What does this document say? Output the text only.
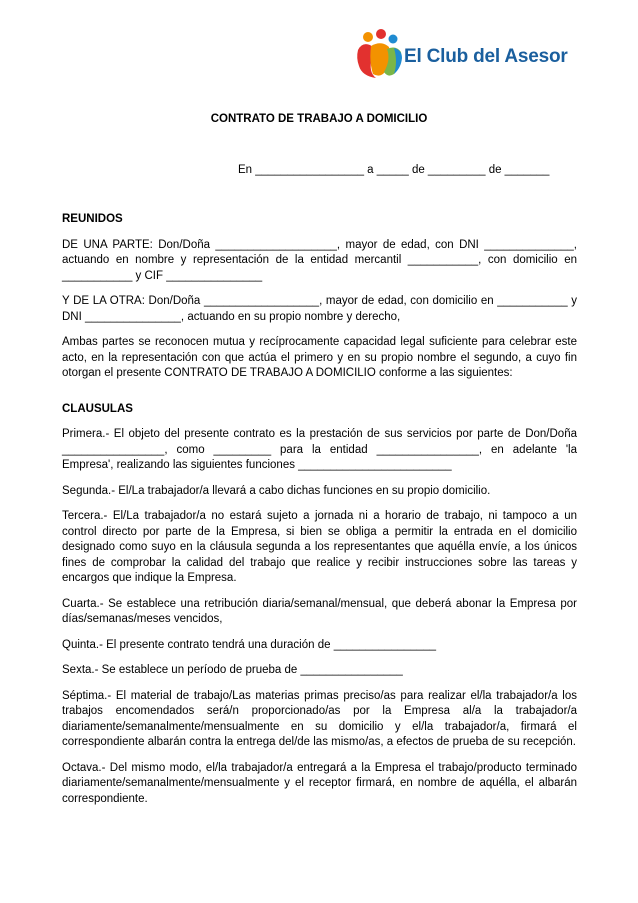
El Club del Asesor
CONTRATO DE TRABAJO A DOMICILIO
En _________________ a _____ de _________ de _______

REUNIDOS

DE UNA PARTE: Don/Doña ___________________, mayor de edad, con DNI ______________, actuando en nombre y representación de la entidad mercantil ___________, con domicilio en ___________ y CIF _______________

Y DE LA OTRA: Don/Doña __________________, mayor de edad, con domicilio en ___________ y DNI _______________, actuando en su propio nombre y derecho,

Ambas partes se reconocen mutua y recíprocamente capacidad legal suficiente para celebrar este acto, en la representación con que actúa el primero y en su propio nombre el segundo, a cuyo fin otorgan el presente CONTRATO DE TRABAJO A DOMICILIO conforme a las siguientes:

CLAUSULAS

Primera.- El objeto del presente contrato es la prestación de sus servicios por parte de Don/Doña ________________, como _________ para la entidad ________________, en adelante 'la Empresa', realizando las siguientes funciones ________________________

Segunda.- El/La trabajador/a llevará a cabo dichas funciones en su propio domicilio.

Tercera.- El/La trabajador/a no estará sujeto a jornada ni a horario de trabajo, ni tampoco a un control directo por parte de la Empresa, si bien se obliga a permitir la entrada en el domicilio designado como suyo en la cláusula segunda a los representantes que aquélla envíe, a los únicos fines de comprobar la calidad del trabajo que realice y recibir instrucciones sobre las tareas y encargos que indique la Empresa.

Cuarta.- Se establece una retribución diaria/semanal/mensual, que deberá abonar la Empresa por días/semanas/meses vencidos,

Quinta.- El presente contrato tendrá una duración de ________________

Sexta.- Se establece un período de prueba de ________________

Séptima.- El material de trabajo/Las materias primas preciso/as para realizar el/la trabajador/a los trabajos encomendados será/n proporcionado/as por la Empresa al/a la trabajador/a diariamente/semanalmente/mensualmente en su domicilio y el/la trabajador/a, firmará el correspondiente albarán contra la entrega del/de las mismo/as, a efectos de prueba de su recepción.

Octava.- Del mismo modo, el/la trabajador/a entregará a la Empresa el trabajo/producto terminado diariamente/semanalmente/mensualmente y el receptor firmará, en nombre de aquélla, el albarán correspondiente.
